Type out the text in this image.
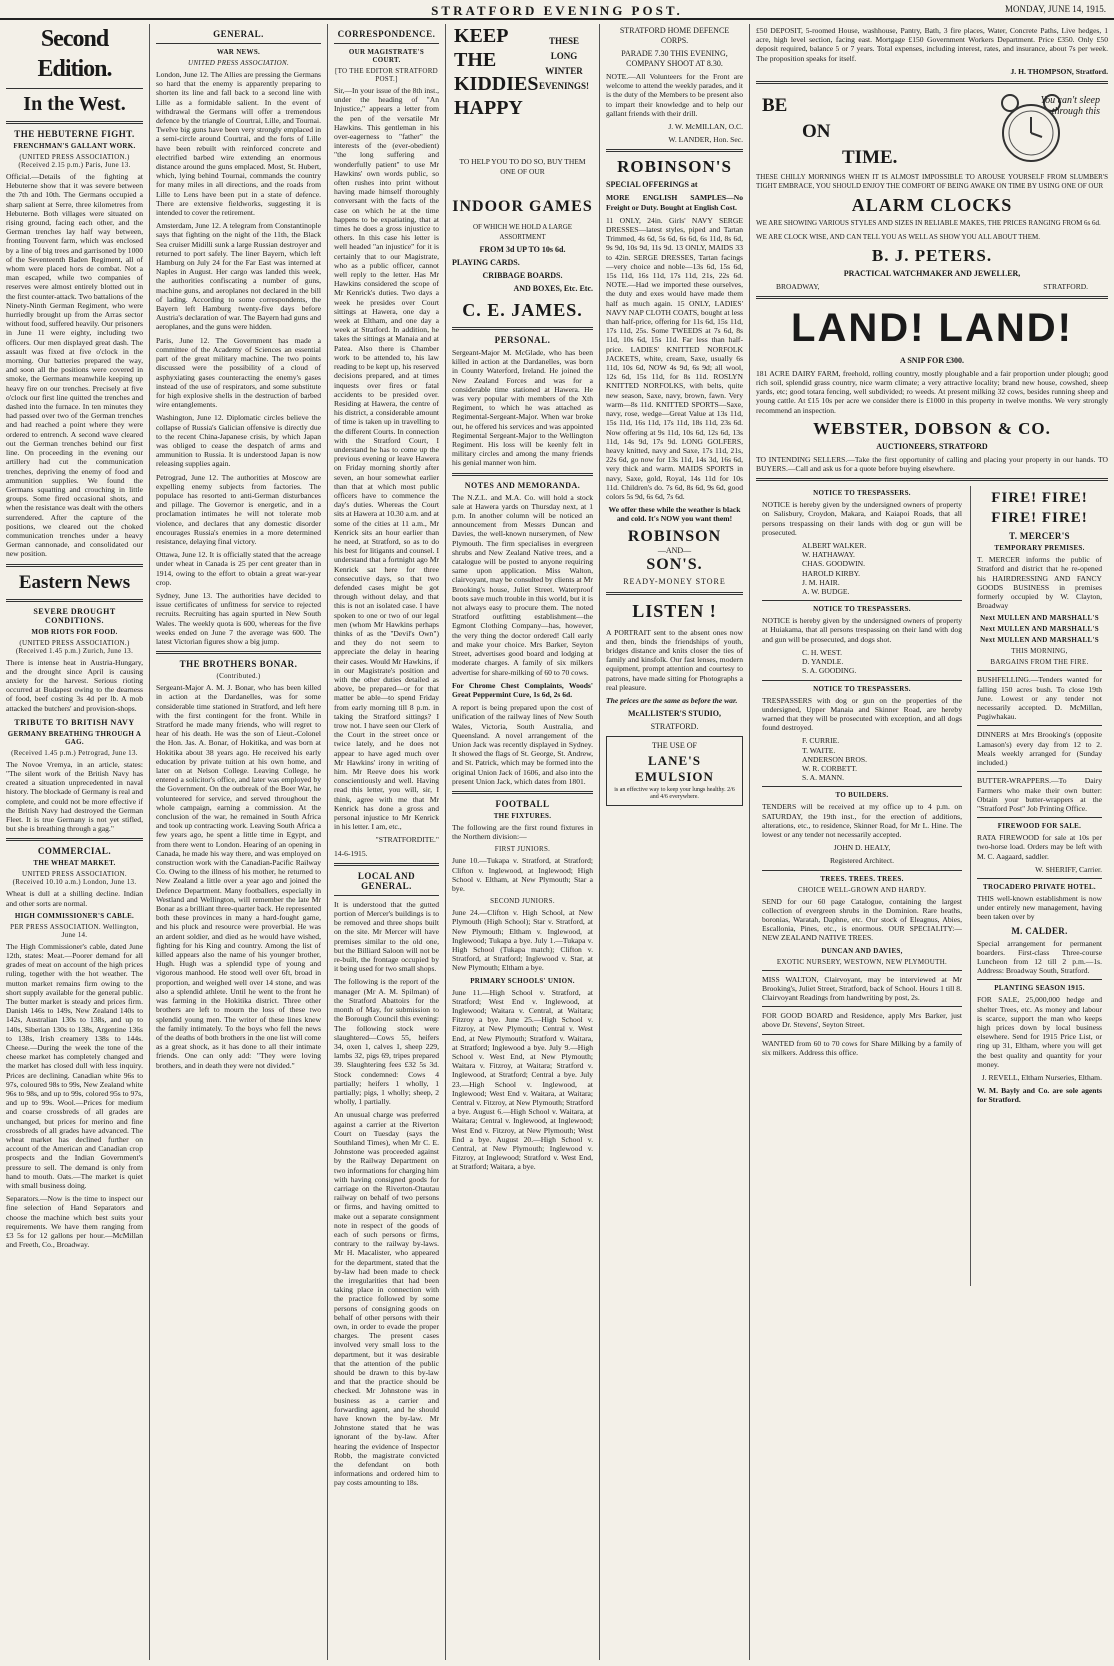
STRATFORD EVENING POST.	MONDAY, JUNE 14, 1915.
Second Edition.
In the West.
THE HEBUTERNE FIGHT.
FRENCHMAN'S GALLANT WORK.
(UNITED PRESS ASSOCIATION.) (Received 2.15 p.m.) Paris, June 13.

Official.—Details of the fighting at Hebuterne show that it was severe between the 7th and 10th. The Germans occupied a sharp salient at Serre, three kilometres from Hebuterne. Both villages were situated on rising ground, facing each other, and the German trenches lay half way between, fronting Touvent farm, which was enclosed by a line of big trees and garrisoned by 1000 of the Seventeenth Baden Regiment, all of whom were placed hors de combat. Not a man escaped, while two companies of reserves were almost entirely blotted out in the first counter-attack. Two battalions of the Ninety-Ninth German Regiment, who were hurriedly brought up from the Arras sector without food, suffered heavily. Our prisoners in June 11 were eighty, including two officers. Our men displayed great dash. The assault was fixed at five o'clock in the morning. Our batteries prepared the way, and soon all the positions were covered in smoke, the Germans meanwhile keeping up heavy fire on our trenches. Precisely at five o'clock our first line quitted the trenches and dashed into the furnace. In ten minutes they had passed over two of the German trenches and had reached a point where they were ordered to entrench. A second wave cleared out the German trenches behind our first line. On proceeding in the evening our artillery had cut the communication trenches, depriving the enemy of food and ammunition supplies. We found the Germans squatting and crouching in little groups. Some fired occasional shots, and when the resistance was dealt with the others surrendered. After the capture of the positions, we cleared out the choked communication trenches under a heavy German cannonade, and consolidated our new position.

Eastern News
SEVERE DROUGHT CONDITIONS.
MOB RIOTS FOR FOOD.
(UNITED PRESS ASSOCIATION.) (Received 1.45 p.m.) Zurich, June 13.

There is intense heat in Austria-Hungary, and the drought since April is causing anxiety for the harvest. Serious rioting occurred at Budapest owing to the dearness of food, beef costing 3s 4d per lb. A mob attacked the butchers' and provision-shops.

TRIBUTE TO BRITISH NAVY
GERMANY BREATHING THROUGH A GAG.
(Received 1.45 p.m.) Petrograd, June 13.

The Novoe Vremya, in an article, states: "The silent work of the British Navy has created a situation unprecedented in naval history. The blockade of Germany is real and complete, and could not be more effective if the British Navy had destroyed the German Fleet. It is true Germany is not yet stifled, but she is breathing through a gag."

COMMERCIAL.
THE WHEAT MARKET.
UNITED PRESS ASSOCIATION. (Received 10.10 a.m.) London, June 13.

Wheat is dull at a shilling decline. Indian and other sorts are normal.

HIGH COMMISSIONER'S CABLE.
PER PRESS ASSOCIATION. Wellington, June 14.

The High Commissioner's cable, dated June 12th, states: Meat.—Poorer demand for all grades of meat on account of the high prices ruling, together with the hot weather. The mutton market remains firm owing to the short supply available for the general public. The butter market is steady and prices firm. Danish 146s to 149s, New Zealand 140s to 142s, Australian 130s to 138s, and up to 140s, Siberian 130s to 138s, Argentine 136s to 138s, Irish creamery 138s to 144s. Cheese.—During the week the tone of the cheese market has completely changed and the market has closed dull with less inquiry. Prices are declining. Canadian white 96s to 97s, coloured 98s to 99s, New Zealand white 96s to 98s, and up to 99s, colored 95s to 97s, and up to 99s. Wool.—Prices for medium and coarse crossbreds of all grades are unchanged, but prices for merino and fine crossbreds of all grades have advanced. The wheat market has declined further on account of the American and Canadian crop prospects and the Indian Government's pressure to sell. The demand is only from hand to mouth. Oats.—The market is quiet with small business doing.

Separators.—Now is the time to inspect our fine selection of Hand Separators and choose the machine which best suits your requirements. We have them ranging from £3 5s for 12 gallons per hour.—McMillan and Freeth, Co., Broadway.

GENERAL.
WAR NEWS.
UNITED PRESS ASSOCIATION.

London, June 12. The Allies are pressing the Germans so hard that the enemy is apparently preparing to shorten its line and fall back to a second line with Lille as a formidable salient. In the event of withdrawal the Germans will offer a tremendous defence by the triangle of Courtrai, Lille, and Tournai. Twelve big guns have been very strongly emplaced in a semi-circle around Courtrai, and the forts of Lille have been rebuilt with reinforced concrete and electrified barbed wire extending an enormous distance around the guns emplaced. Most, St. Hubert, which, lying behind Tournai, commands the country for many miles in all directions, and the roads from Lille to Lens have been put in a state of defence. There are extensive fieldworks, suggesting it is intended to cover the retirement.

Amsterdam, June 12. A telegram from Constantinople says that fighting on the night of the 11th, the Black Sea cruiser Midilli sunk a large Russian destroyer and returned to port safely. The liner Bayern, which left Hamburg on July 24 for the Far East was interned at Naples in August. Her cargo was landed this week, the authorities confiscating a number of guns, machine guns, and aeroplanes not declared in the bill of lading. According to some correspondents, the Bayern left Hamburg twenty-five days before Austria's declaration of war. The Bayern had guns and aeroplanes, and the guns were hidden.

Paris, June 12. The Government has made a committee of the Academy of Sciences an essential part of the great military machine. The two points discussed were the possibility of a cloud of asphyxiating gases counteracting the enemy's gases instead of the use of respirators, and some substitute for high explosive shells in the destruction of barbed wire entanglements.

Washington, June 12. Diplomatic circles believe the collapse of Russia's Galician offensive is directly due to the recent China-Japanese crisis, by which Japan was obliged to cease the despatch of arms and ammunition to Russia. It is understood Japan is now releasing supplies again.

Petrograd, June 12. The authorities at Moscow are expelling enemy subjects from factories. The populace has resorted to anti-German disturbances and pillage. The Governor is energetic, and in a proclamation intimates he will not tolerate mob violence, and declares that any domestic disorder encourages Russia's enemies in a more determined resistance, delaying final victory.

Ottawa, June 12. It is officially stated that the acreage under wheat in Canada is 25 per cent greater than in 1914, owing to the effort to obtain a great war-year crop.

Sydney, June 13. The authorities have decided to issue certificates of unfitness for service to rejected recruits. Recruiting has again spurted in New South Wales. The weekly quota is 600, whereas for the five weeks ended on June 7 the average was 600. The latest Victorian figures show a big jump.

THE BROTHERS BONAR.
(Contributed.)

Sergeant-Major A. M. J. Bonar, who has been killed in action at the Dardanelles, was for some considerable time stationed in Stratford, and left here with the first contingent for the front. While in Stratford he made many friends, who will regret to hear of his death. He was the son of Lieut.-Colonel the Hon. Jas. A. Bonar, of Hokitika, and was born at Hokitika about 38 years ago. He received his early education by private tuition at his own home, and later on at Nelson College. Leaving College, he entered a solicitor's office, and later was employed by the Government. On the outbreak of the Boer War, he volunteered for service, and served throughout the whole campaign, earning a commission. At the conclusion of the war, he remained in South Africa and took up contracting work. Leaving South Africa a few years ago, he spent a little time in Egypt, and from there went to London. Hearing of an opening in Canada, he made his way there, and was employed on construction work with the Canadian-Pacific Railway Co. Owing to the illness of his mother, he returned to New Zealand a little over a year ago and joined the Defence Department. Many footballers, especially in Westland and Wellington, will remember the late Mr Bonar as a brilliant three-quarter back. He represented both these provinces in many a hard-fought game, and his pluck and resource were proverbial. He was an ardent soldier, and died as he would have wished, fighting for his King and country. Among the list of killed appears also the name of his younger brother, Hugh. Hugh was a splendid type of young and vigorous manhood. He stood well over 6ft, broad in proportion, and weighed well over 14 stone, and was also a splendid athlete. Until he went to the front he was farming in the Hokitika district. Three other brothers are left to mourn the loss of these two splendid young men. The writer of these lines knew the family intimately. To the boys who fell the news of the deaths of both brothers in the one list will come as a great shock, as it has done to all their intimate friends. One can only add: "They were loving brothers, and in death they were not divided."

CORRESPONDENCE.
OUR MAGISTRATE'S COURT.
[TO THE EDITOR STRATFORD POST.]

Sir,—In your issue of the 8th inst., under the heading of "An Injustice," appears a letter from the pen of the versatile Mr Hawkins. This gentleman in his over-eagerness to "father" the interests of the (ever-obedient) "the long suffering and wonderfully patient" to use Mr Hawkins' own words public, so often rushes into print without having made himself thoroughly conversant with the facts of the case on which he at the time happens to be expatiating, that at times he does a gross injustice to others. In this case his letter is well headed "an injustice" for it is certainly that to our Magistrate, who as a public officer, cannot well reply to the letter. Has Mr Hawkins considered the scope of Mr Kenrick's duties. Two days a week he presides over Court sittings at Hawera, one day a week at Eltham, and one day a week at Stratford. In addition, he takes the sittings at Manaia and at Patea. Also there is Chamber work to be attended to, his law reading to be kept up, his reserved decisions prepared, and at times inquests over fires or fatal accidents to be presided over. Residing at Hawera, the centre of his district, a considerable amount of time is taken up in travelling to the different Courts. In connection with the Stratford Court, I understand he has to come up the previous evening or leave Hawera on Friday morning shortly after seven, an hour somewhat earlier than that at which most public officers have to commence the day's duties. Whereas the Court sits at Hawera at 10.30 a.m. and at some of the cities at 11 a.m., Mr Kenrick sits an hour earlier than he need, at Stratford, so as to do his best for litigants and counsel. I understand that a fortnight ago Mr Kenrick sat here for three consecutive days, so that two defended cases might be got through without delay, and that this is not an isolated case. I have spoken to one or two of our legal men (whom Mr Hawkins perhaps thinks of as the "Devil's Own") and they do not seem to appreciate the delay in hearing their cases. Would Mr Hawkins, if in our Magistrate's position and with the other duties detailed as above, be prepared—or for that matter be able—to spend Friday from early morning till 8 p.m. in taking the Stratford sittings? I trow not. I have seen our Clerk of the Court in the street once or twice lately, and he does not appear to have aged much over Mr Hawkins' irony in writing of him. Mr Reeve does his work conscientiously and well. Having read this letter, you will, sir, I think, agree with me that Mr Kenrick has done a gross and personal injustice to Mr Kenrick in his letter. I am, etc.,

"STRATFORDITE."

14-6-1915.

LOCAL AND GENERAL.

It is understood that the gutted portion of Mercer's buildings is to be removed and three shops built on the site. Mr Mercer will have premises similar to the old one, but the Billiard Saloon will not be re-built, the frontage occupied by it being used for two small shops.

The following is the report of the manager (Mr A. M. Spilman) of the Stratford Abattoirs for the month of May, for submission to the Borough Council this evening: The following stock were slaughtered—Cows 55, heifers 34, oxen 1, calves 1, sheep 229, lambs 32, pigs 69, tripes prepared 39. Slaughtering fees £32 5s 3d. Stock condemned: Cows 4 partially; heifers 1 wholly, 1 partially; pigs, 1 wholly; sheep, 2 wholly, 1 partially.

An unusual charge was preferred against a carrier at the Riverton Court on Tuesday (says the Southland Times), when Mr C. E. Johnstone was proceeded against by the Railway Department on two informations for charging him with having consigned goods for carriage on the Riverton-Otautau railway on behalf of two persons or firms, and having omitted to make out a separate consignment note in respect of the goods of each of such persons or firms, contrary to the railway by-laws. Mr H. Macalister, who appeared for the department, stated that the by-law had been made to check the irregularities that had been taking place in connection with the practice followed by some persons of consigning goods on behalf of other persons with their own, in order to evade the proper charges. The present cases involved very small loss to the department, but it was desirable that the attention of the public should be drawn to this by-law and that the practice should be checked. Mr Johnstone was in business as a carrier and forwarding agent, and he should have known the by-law. Mr Johnstone stated that he was ignorant of the by-law. After hearing the evidence of Inspector Robb, the magistrate convicted the defendant on both informations and ordered him to pay costs amounting to 18s.

KEEP
THE
KIDDIES
HAPPY
THESE
LONG
WINTER
EVENINGS!
TO HELP YOU TO DO SO, BUY THEM ONE OF OUR
INDOOR GAMES
OF WHICH WE HOLD A LARGE ASSORTMENT
FROM 3d UP TO 10s 6d.
PLAYING CARDS.
CRIBBAGE BOARDS.
AND BOXES, Etc. Etc.
C. E. JAMES.
PERSONAL.

Sergeant-Major M. McGlade, who has been killed in action at the Dardanelles, was born in County Waterford, Ireland. He joined the New Zealand Forces and was for a considerable time stationed at Hawera. He was very popular with members of the Xth Regiment, to which he was attached as Regimental-Sergeant-Major. When war broke out, he offered his services and was appointed Regimental Sergeant-Major to the Wellington Regiment. His loss will be keenly felt in military circles and among the many friends his genial manner won him.

NOTES AND MEMORANDA.

The N.Z.L. and M.A. Co. will hold a stock sale at Hawera yards on Thursday next, at 1 p.m. In another column will be noticed an announcement from Messrs Duncan and Davies, the well-known nurserymen, of New Plymouth. The firm specialises in evergreen shrubs and New Zealand Native trees, and a catalogue will be posted to anyone requiring same upon application. Miss Walton, clairvoyant, may be consulted by clients at Mr Brooking's house, Juliet Street. Waterproof boots save much trouble in this world, but it is not always easy to procure them. The noted Stratford outfitting establishment—the Egmont Clothing Company—has, however, the very thing the doctor ordered! Call early and make your choice. Mrs Barker, Seyton Street, advertises good board and lodging at moderate charges. A family of six milkers advertise for share-milking of 60 to 70 cows.

For Chrome Chest Complaints, Woods' Great Peppermint Cure, 1s 6d, 2s 6d.

A report is being prepared upon the cost of unification of the railway lines of New South Wales, Victoria, South Australia, and Queensland. A novel arrangement of the Union Jack was recently displayed in Sydney. It showed the flags of St. George, St. Andrew, and St. Patrick, which may be formed into the original Union Jack of 1606, and also into the present Union Jack, which dates from 1801.

FOOTBALL
THE FIXTURES.

The following are the first round fixtures in the Northern division:—

FIRST JUNIORS.

June 10.—Tukapa v. Stratford, at Stratford; Clifton v. Inglewood, at Inglewood; High School v. Eltham, at New Plymouth; Star a bye.

SECOND JUNIORS.

June 24.—Clifton v. High School, at New Plymouth (High School); Star v. Stratford, at New Plymouth; Eltham v. Inglewood, at Inglewood; Tukapa a bye. July 1.—Tukapa v. High School (Tukapa match); Clifton v. Stratford, at Stratford; Inglewood v. Star, at New Plymouth; Eltham a bye.

PRIMARY SCHOOLS' UNION.

June 11.—High School v. Stratford, at Stratford; West End v. Inglewood, at Inglewood; Waitara v. Central, at Waitara; Fitzroy a bye. June 25.—High School v. Fitzroy, at New Plymouth; Central v. West End, at New Plymouth; Stratford v. Waitara, at Stratford; Inglewood a bye. July 9.—High School v. West End, at New Plymouth; Waitara v. Fitzroy, at Waitara; Stratford v. Inglewood, at Stratford; Central a bye. July 23.—High School v. Inglewood, at Inglewood; West End v. Waitara, at Waitara; Central v. Fitzroy, at New Plymouth; Stratford a bye. August 6.—High School v. Waitara, at Waitara; Central v. Inglewood, at Inglewood; West End v. Fitzroy, at New Plymouth; West End a bye. August 20.—High School v. Central, at New Plymouth; Inglewood v. Fitzroy, at Inglewood; Stratford v. West End, at Stratford; Waitara, a bye.

STRATFORD HOME DEFENCE CORPS.
PARADE 7.30 THIS EVENING, COMPANY SHOOT AT 8.30.

NOTE.—All Volunteers for the Front are welcome to attend the weekly parades, and it is the duty of the Members to be present also to impart their knowledge and to help our gallant friends with their drill.

J. W. McMILLAN, O.C.

W. LANDER, Hon. Sec.

ROBINSON'S
SPECIAL OFFERINGS at

MORE ENGLISH SAMPLES—No Freight or Duty. Bought at English Cost.

11 ONLY, 24in. Girls' NAVY SERGE DRESSES—latest styles, piped and Tartan Trimmed, 4s 6d, 5s 6d, 6s 6d, 6s 11d, 8s 6d, 9s 9d, 10s 9d, 11s 9d. 13 ONLY, MAIDS 33 to 42in. SERGE DRESSES, Tartan facings—very choice and noble—13s 6d, 15s 6d, 15s 11d, 16s 11d, 17s 11d, 21s, 22s 6d. NOTE.—Had we imported these ourselves, the duty and exes would have made them half as much again. 15 ONLY, LADIES' NAVY NAP CLOTH COATS, bought at less than half-price, offering for 11s 6d, 15s 11d, 17s 11d, 25s. Some TWEEDS at 7s 6d, 8s 11d, 10s 6d, 15s 11d. Far less than half-price. LADIES' KNITTED NORFOLK JACKETS, white, cream, Saxe, usually 6s 11d, 10s 6d, NOW 4s 9d, 6s 9d; all wool, 12s 6d, 15s 11d, for 8s 11d. ROSLYN KNITTED NORFOLKS, with belts, quite new season, Saxe, navy, brown, fawn. Very warm—8s 11d. KNITTED SPORTS—Saxe, navy, rose, wedge—Great Value at 13s 11d, 15s 11d, 16s 11d, 17s 11d, 18s 11d, 23s 6d. Now offering at 9s 11d, 10s 6d, 12s 6d, 13s 11d, 14s 9d, 17s 9d. LONG GOLFERS, heavy knitted, navy and Saxe, 17s 11d, 21s, 22s 6d, go now for 13s 11d, 14s 3d, 16s 6d, very thick and warm. MAIDS SPORTS in navy, Saxe, gold, Royal, 14s 11d for 10s 11d. Children's do. 7s 6d, 8s 6d, 9s 6d, good colors 5s 9d, 6s 6d, 7s 6d.

We offer these while the weather is black and cold. It's NOW you want them!

ROBINSON
—AND—
SON'S.
READY-MONEY STORE
LISTEN !

A PORTRAIT sent to the absent ones now and then, binds the friendships of youth, bridges distance and knits closer the ties of family and kinsfolk. Our fast lenses, modern equipment, prompt attention and courtesy to patrons, have made sitting for Photographs a real pleasure.

The prices are the same as before the war.

McALLISTER'S STUDIO,
STRATFORD.
THE USE OF
LANE'S EMULSION
is an effective way to keep your lungs healthy. 2/6 and 4/6 everywhere.

£50 DEPOSIT, 5-roomed House, washhouse, Pantry, Bath, 3 fire places, Water, Concrete Paths, Live hedges, 1 acre, high level section, facing east. Mortgage £150 Government Workers Department. Price £350. Only £50 deposit required, balance 5 or 7 years. Total expenses, including interest, rates, and insurance, about 7s per week. The proposition speaks for itself.

J. H. THOMPSON, Stratford.

BE
ON
TIME.
You can't sleep through this

THESE CHILLY MORNINGS WHEN IT IS ALMOST IMPOSSIBLE TO AROUSE YOURSELF FROM SLUMBER'S TIGHT EMBRACE, YOU SHOULD ENJOY THE COMFORT OF BEING AWAKE ON TIME BY USING ONE OF OUR

ALARM CLOCKS

WE ARE SHOWING VARIOUS STYLES AND SIZES IN RELIABLE MAKES, THE PRICES RANGING FROM 6s 6d.

WE ARE CLOCK WISE, AND CAN TELL YOU AS WELL AS SHOW YOU ALL ABOUT THEM.

B. J. PETERS.
PRACTICAL WATCHMAKER AND JEWELLER,
BROADWAY,	STRATFORD.
LAND! LAND!
A SNIP FOR £300.

181 ACRE DAIRY FARM, freehold, rolling country, mostly ploughable and a fair proportion under plough; good rich soil, splendid grass country, nice warm climate; a very attractive locality; brand new house, cowshed, sheep yards, etc; good totara fencing, well subdivided; ro weeds. At present milking 32 cows, besides running sheep and young cattle. At £15 10s per acre we consider there is £1000 in this property in twelve months. We very strongly recommend an inspection.

WEBSTER, DOBSON & CO.
AUCTIONEERS, STRATFORD

TO INTENDING SELLERS.—Take the first opportunity of calling and placing your property in our hands. TO BUYERS.—Call and ask us for a quote before buying elsewhere.

NOTICE TO TRESPASSERS.

NOTICE is hereby given by the undersigned owners of property on Salisbury, Croydon, Makara, and Kaiapoi Roads, that all persons trespassing on their lands with dog or gun will be prosecuted.

ALBERT WALKER.

W. HATHAWAY.

CHAS. GOODWIN.

HAROLD KIRBY.

J. M. HAIR.

A. W. BUDGE.

NOTICE TO TRESPASSERS.

NOTICE is hereby given by the undersigned owners of property at Huiakama, that all persons trespassing on their land with dog and gun will be prosecuted, and dogs shot.

C. H. WEST.

D. YANDLE.

S. A. GOODING.

NOTICE TO TRESPASSERS.

TRESPASSERS with dog or gun on the properties of the undersigned, Upper Manaia and Skinner Road, are hereby warned that they will be prosecuted with exception, and all dogs found destroyed.

F. CURRIE.

T. WAITE.

ANDERSON BROS.

W. R. CORBETT.

S. A. MANN.

TO BUILDERS.

TENDERS will be received at my office up to 4 p.m. on SATURDAY, the 19th inst., for the erection of additions, alterations, etc., to residence, Skinner Road, for Mr L. Hine. The lowest or any tender not necessarily accepted.

JOHN D. HEALY,

Registered Architect.

TREES. TREES. TREES.
CHOICE WELL-GROWN AND HARDY.

SEND for our 60 page Catalogue, containing the largest collection of evergreen shrubs in the Dominion. Rare heaths, boronias, Waratah, Daphne, etc. Our stock of Eleagnus, Abies, Escallonia, Pines, etc., is enormous. OUR SPECIALITY:— NEW ZEALAND NATIVE TREES.

DUNCAN AND DAVIES,
EXOTIC NURSERY, WESTOWN, NEW PLYMOUTH.

MISS WALTON, Clairvoyant, may be interviewed at Mr Brooking's, Juliet Street, Stratford, back of School. Hours 1 till 8. Clairvoyant Readings from handwriting by post, 2s.

FOR GOOD BOARD and Residence, apply Mrs Barker, just above Dr. Stevens', Seyton Street.

WANTED from 60 to 70 cows for Share Milking by a family of six milkers. Address this office.

FIRE! FIRE! FIRE! FIRE!
T. MERCER'S
TEMPORARY PREMISES.

T. MERCER informs the public of Stratford and district that he re-opened his HAIRDRESSING AND FANCY GOODS BUSINESS in premises formerly occupied by W. Clayton, Broadway

Next MULLEN AND MARSHALL'S
Next MULLEN AND MARSHALL'S
Next MULLEN AND MARSHALL'S
THIS MORNING,
BARGAINS FROM THE FIRE.

BUSHFELLING.—Tenders wanted for falling 150 acres bush. To close 19th June. Lowest or any tender not necessarily accepted. D. McMillan, Pugiwhakau.

DINNERS at Mrs Brooking's (opposite Lamason's) every day from 12 to 2. Meals weekly arranged for (Sunday included.)

BUTTER-WRAPPERS.—To Dairy Farmers who make their own butter: Obtain your butter-wrappers at the "Stratford Post" Job Printing Office.

FIREWOOD FOR SALE.

RATA FIREWOOD for sale at 10s per two-horse load. Orders may be left with M. C. Aagaard, saddler.

W. SHERIFF, Carrier.

TROCADERO PRIVATE HOTEL.

THIS well-known establishment is now under entirely new management, having been taken over by

M. CALDER.

Special arrangement for permanent boarders. First-class Three-course Luncheon from 12 till 2 p.m.—1s. Address: Broadway South, Stratford.

PLANTING SEASON 1915.

FOR SALE, 25,000,000 hedge and shelter Trees, etc. As money and labour is scarce, support the man who keeps high prices down by local business elsewhere. Send for 1915 Price List, or ring up 31, Eltham, where you will get the best quality and quantity for your money.

J. REVELL, Eltham Nurseries, Eltham.

W. M. Bayly and Co. are sole agents for Stratford.
